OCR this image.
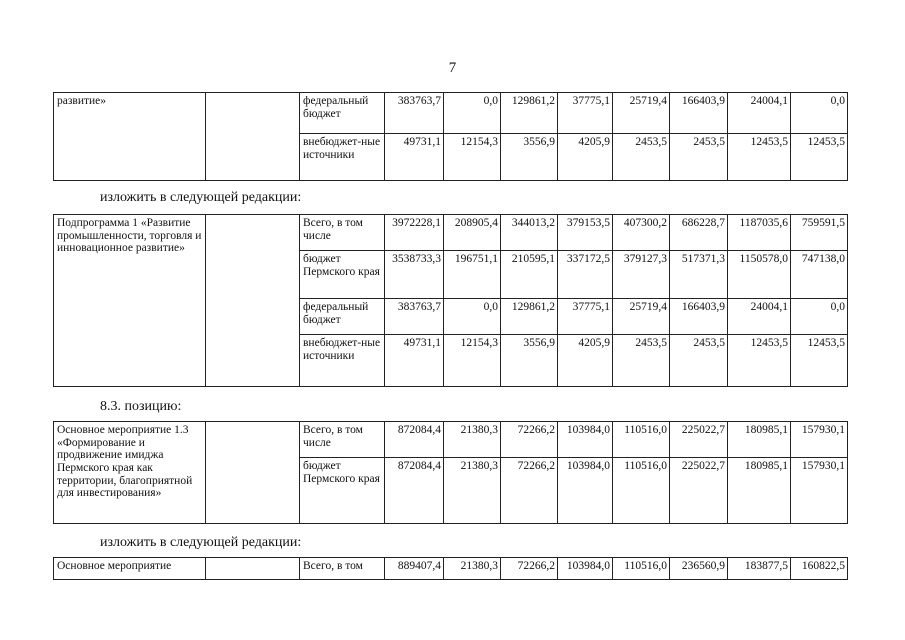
7
развитие»		федеральный бюджет	383763,7	0,0	129861,2	37775,1	25719,4	166403,9	24004,1	0,0
		внебюджет-ные источники	49731,1	12154,3	3556,9	4205,9	2453,5	2453,5	12453,5	12453,5
изложить в следующей редакции:
Подпрограмма 1 «Развитие промышленности, торговля и инновационное развитие»		Всего, в том числе	3972228,1	208905,4	344013,2	379153,5	407300,2	686228,7	1187035,6	759591,5
		бюджет Пермского края	3538733,3	196751,1	210595,1	337172,5	379127,3	517371,3	1150578,0	747138,0
		федеральный бюджет	383763,7	0,0	129861,2	37775,1	25719,4	166403,9	24004,1	0,0
		внебюджет-ные источники	49731,1	12154,3	3556,9	4205,9	2453,5	2453,5	12453,5	12453,5
8.3. позицию:
Основное мероприятие 1.3 «Формирование и продвижение имиджа Пермского края как территории, благоприятной для инвестирования»		Всего, в том числе	872084,4	21380,3	72266,2	103984,0	110516,0	225022,7	180985,1	157930,1
		бюджет Пермского края	872084,4	21380,3	72266,2	103984,0	110516,0	225022,7	180985,1	157930,1
изложить в следующей редакции:
Основное мероприятие		Всего, в том	889407,4	21380,3	72266,2	103984,0	110516,0	236560,9	183877,5	160822,5
